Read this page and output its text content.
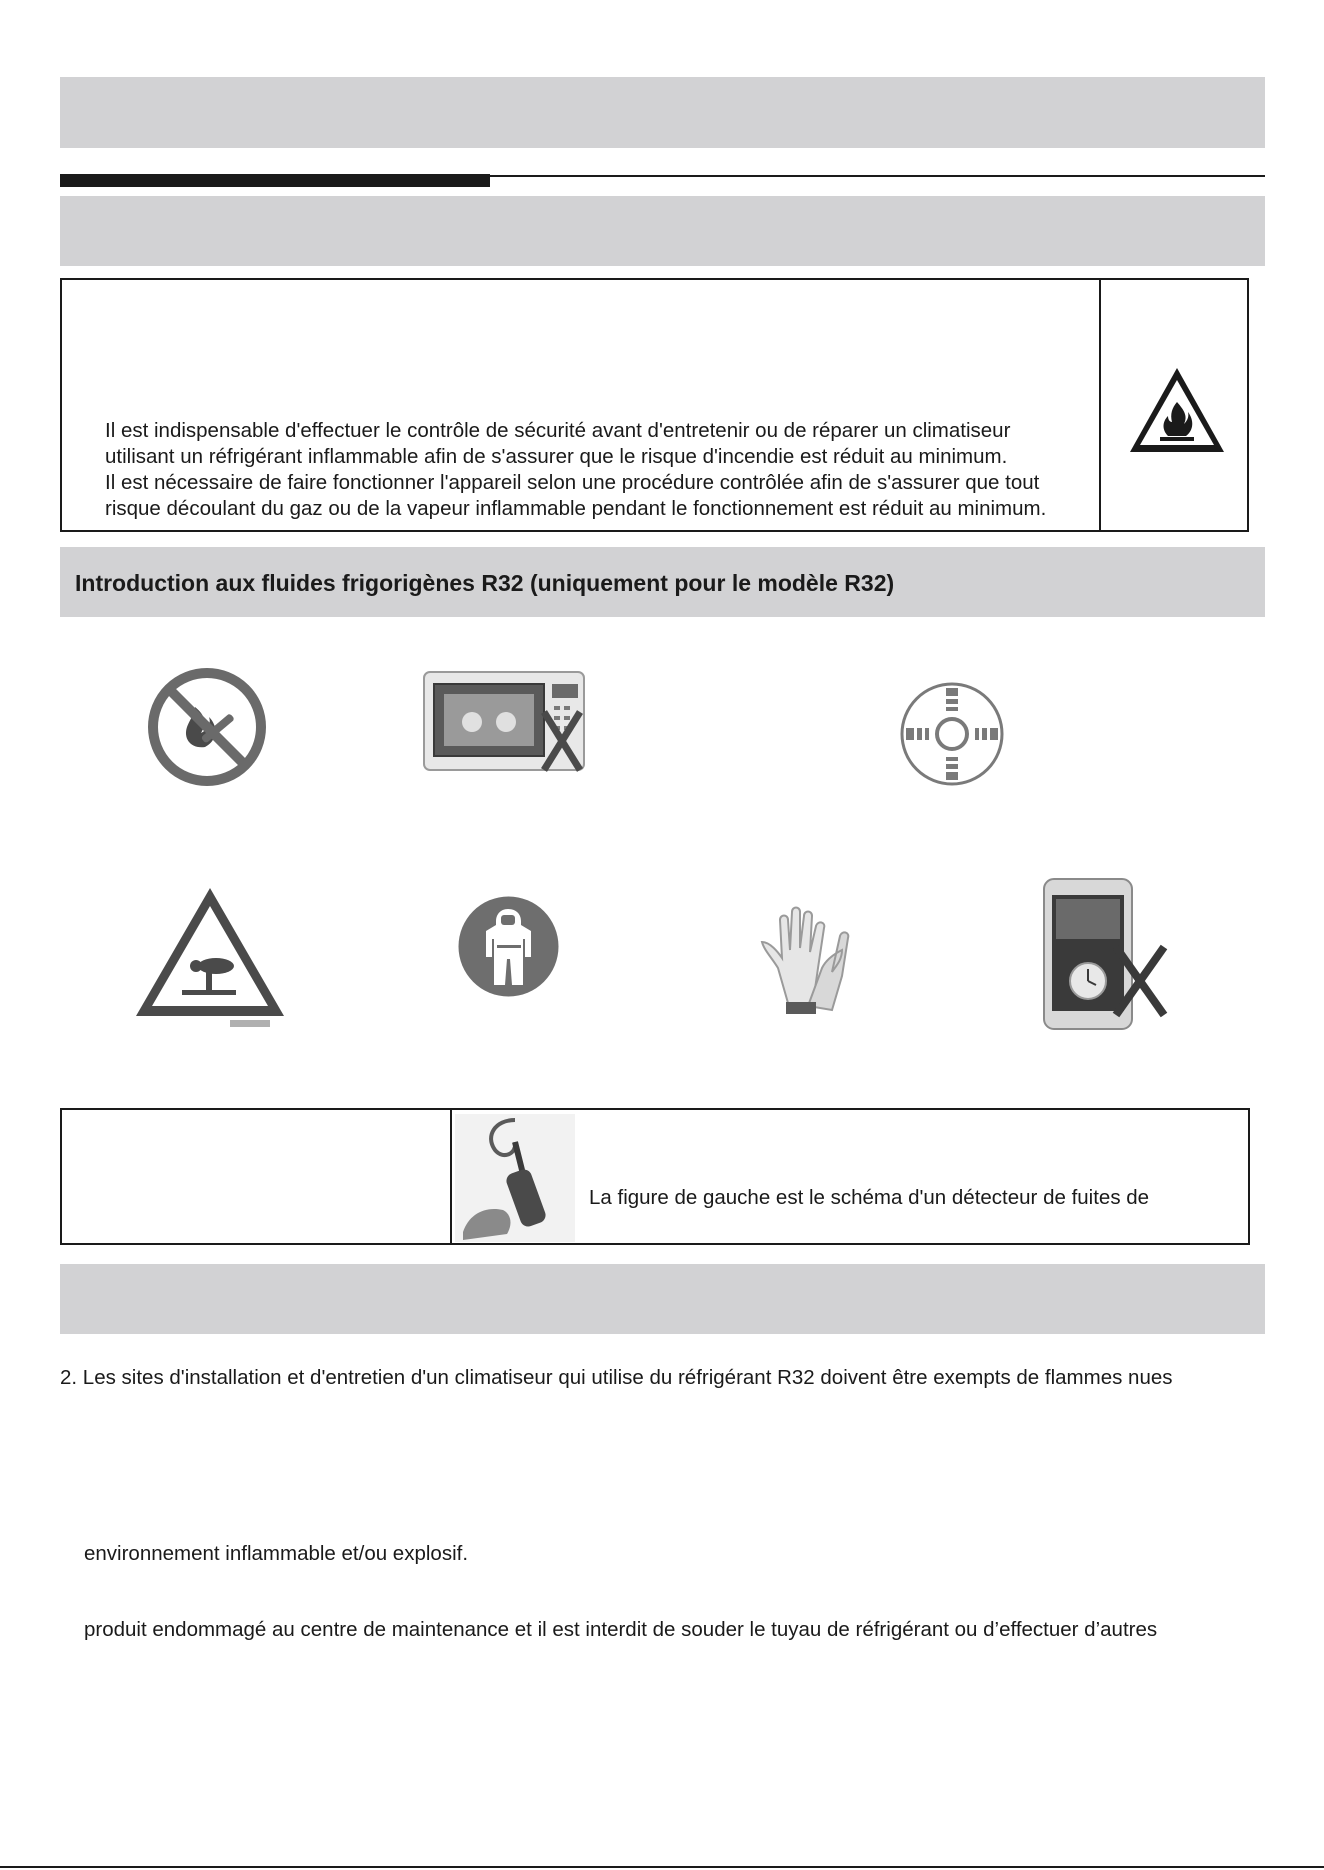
Il est indispensable d'effectuer le contrôle de sécurité avant d'entretenir ou de réparer un climatiseur
utilisant un réfrigérant inflammable afin de s'assurer que le risque d'incendie est réduit au minimum.
Il est nécessaire de faire fonctionner l'appareil selon une procédure contrôlée afin de s'assurer que tout
risque découlant du gaz ou de la vapeur inflammable pendant le fonctionnement est réduit au minimum.
Introduction aux fluides frigorigènes R32 (uniquement pour le modèle R32)
La figure de gauche est le schéma d'un détecteur de fuites de
2. Les sites d'installation et d'entretien d'un climatiseur qui utilise du réfrigérant R32 doivent être exempts de flammes nues
environnement inflammable et/ou explosif.
produit endommagé au centre de maintenance et il est interdit de souder le tuyau de réfrigérant ou d’effectuer d’autres
